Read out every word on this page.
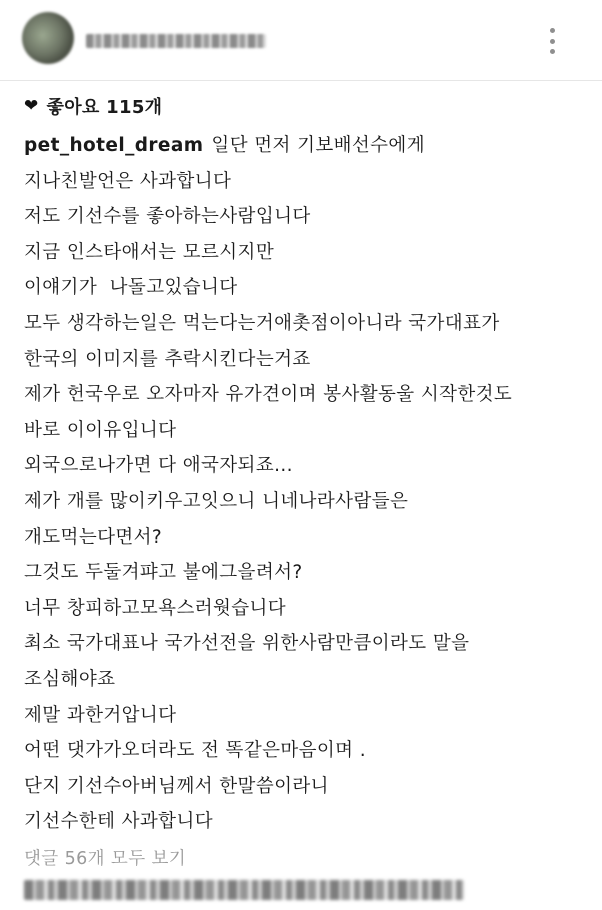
❤ 좋아요 115개
pet_hotel_dream 일단 먼저 기보배선수에게
지나친발언은 사과합니다
저도 기선수를 좋아하는사람입니다
지금 인스타애서는 모르시지만
이얘기가  나돌고있습니다
모두 생각하는일은 먹는다는거애촛점이아니라 국가대표가
한국의 이미지를 추락시킨다는거죠
제가 헌국우로 오자마자 유가견이며 봉사활동울 시작한것도
바로 이이유입니다
외국으로나가면 다 애국자되죠...
제가 개를 많이키우고잇으니 니네나라사람들은
개도먹는다면서?
그것도 두둘겨퍄고 불에그을려서?
너무 창피하고모욕스러웟습니다
최소 국가대표나 국가선전을 위한사람만큼이라도 말을
조심해야죠
제말 과한거압니다
어떤 댓가가오더라도 전 똑같은마음이며 .
단지 기선수아버님께서 한말씀이라니
기선수한테 사과합니다
댓글 56개 모두 보기
